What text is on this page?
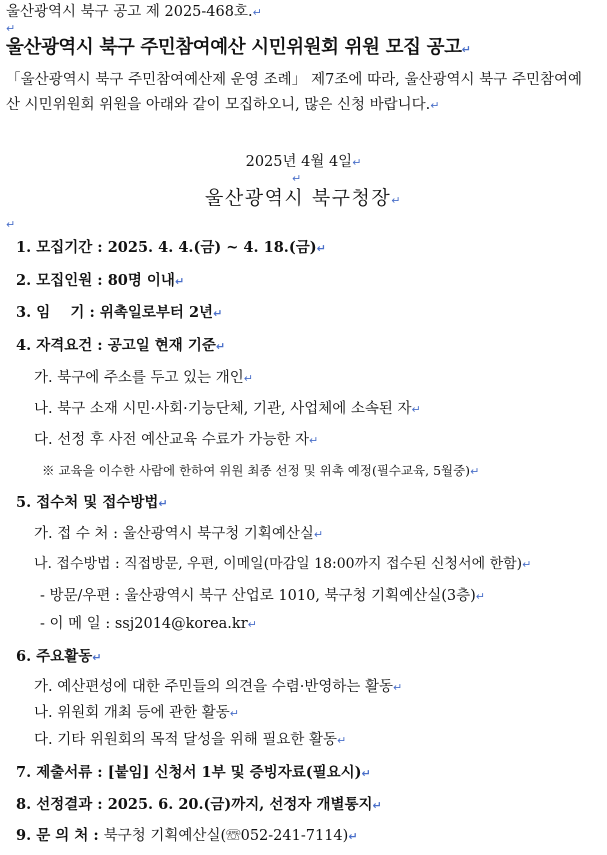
울산광역시 북구 공고 제 2025-468호.↵
↵
울산광역시 북구 주민참여예산 시민위원회 위원 모집 공고↵
「울산광역시 북구 주민참여예산제 운영 조례」 제7조에 따라, 울산광역시 북구 주민참여예산 시민위원회 위원을 아래와 같이 모집하오니, 많은 신청 바랍니다.↵
2025년 4월 4일↵
↵
울산광역시 북구청장↵
↵
1. 모집기간 : 2025. 4. 4.(금) ~ 4. 18.(금)↵
2. 모집인원 : 80명 이내↵
3. 임    기 : 위촉일로부터 2년↵
4. 자격요건 : 공고일 현재 기준↵
가. 북구에 주소를 두고 있는 개인↵
나. 북구 소재 시민·사회·기능단체, 기관, 사업체에 소속된 자↵
다. 선정 후 사전 예산교육 수료가 가능한 자↵
※ 교육을 이수한 사람에 한하여 위원 최종 선정 및 위촉 예정(필수교육, 5월중)↵
5. 접수처 및 접수방법↵
가. 접 수 처 : 울산광역시 북구청 기획예산실↵
나. 접수방법 : 직접방문, 우편, 이메일(마감일 18:00까지 접수된 신청서에 한함)↵
- 방문/우편 : 울산광역시 북구 산업로 1010, 북구청 기획예산실(3층)↵
- 이 메 일 : ssj2014@korea.kr↵
6. 주요활동↵
가. 예산편성에 대한 주민들의 의견을 수렴·반영하는 활동↵
나. 위원회 개최 등에 관한 활동↵
다. 기타 위원회의 목적 달성을 위해 필요한 활동↵
7. 제출서류 : [붙임] 신청서 1부 및 증빙자료(필요시)↵
8. 선정결과 : 2025. 6. 20.(금)까지, 선정자 개별통지↵
9. 문 의 처 : 북구청 기획예산실(☏052-241-7114)↵
